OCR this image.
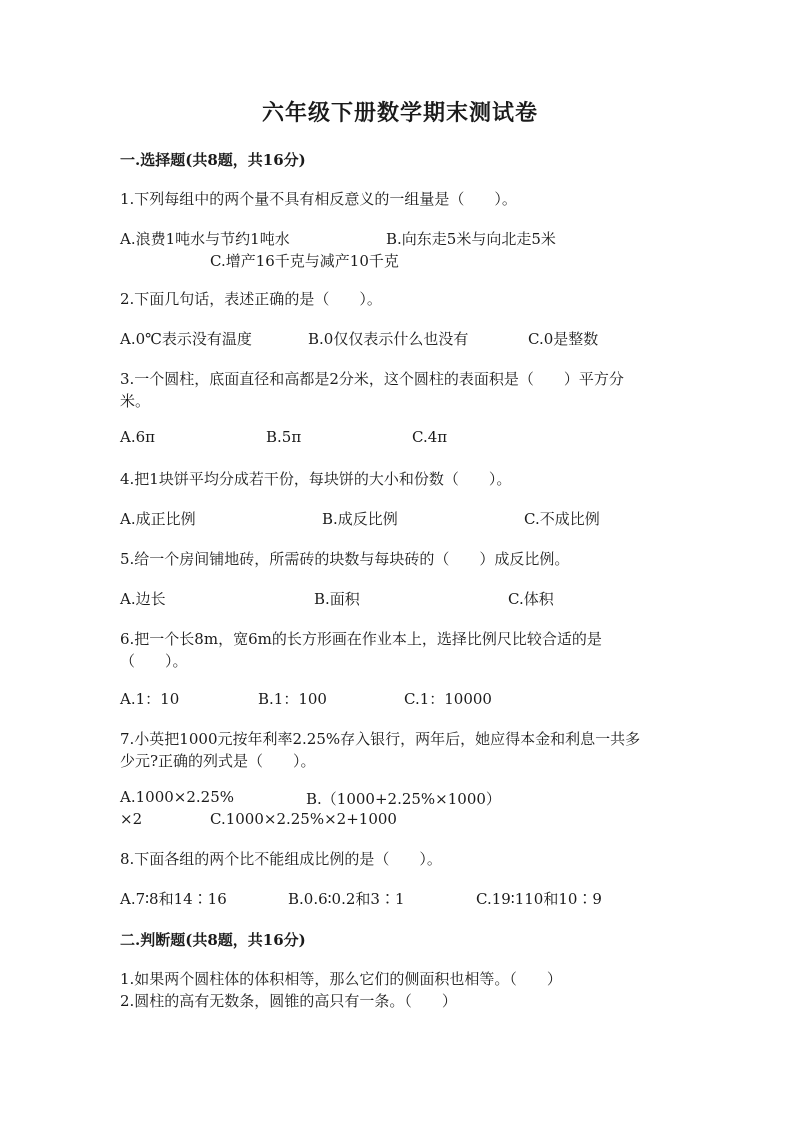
六年级下册数学期末测试卷
一.选择题(共8题，共16分)
1.下列每组中的两个量不具有相反意义的一组量是（　　）。
A.浪费1吨水与节约1吨水	B.向东走5米与向北走5米
C.增产16千克与减产10千克
2.下面几句话，表述正确的是（　　）。
A.0℃表示没有温度	B.0仅仅表示什么也没有	C.0是整数
3.一个圆柱，底面直径和高都是2分米，这个圆柱的表面积是（　　）平方分
米。
A.6π	B.5π	C.4π
4.把1块饼平均分成若干份，每块饼的大小和份数（　　）。
A.成正比例	B.成反比例	C.不成比例
5.给一个房间铺地砖，所需砖的块数与每块砖的（　　）成反比例。
A.边长	B.面积	C.体积
6.把一个长8m，宽6m的长方形画在作业本上，选择比例尺比较合适的是
（　　）。
A.1：10	B.1：100	C.1：10000
7.小英把1000元按年利率2.25%存入银行，两年后，她应得本金和利息一共多
少元?正确的列式是（　　）。
A.1000×2.25%	B.（1000+2.25%×1000）
×2	C.1000×2.25%×2+1000
8.下面各组的两个比不能组成比例的是（　　）。
A.7∶8和14∶16	B.0.6∶0.2和3∶1	C.19∶110和10∶9
二.判断题(共8题，共16分)
1.如果两个圆柱体的体积相等，那么它们的侧面积也相等。（　　）
2.圆柱的高有无数条，圆锥的高只有一条。（　　）
